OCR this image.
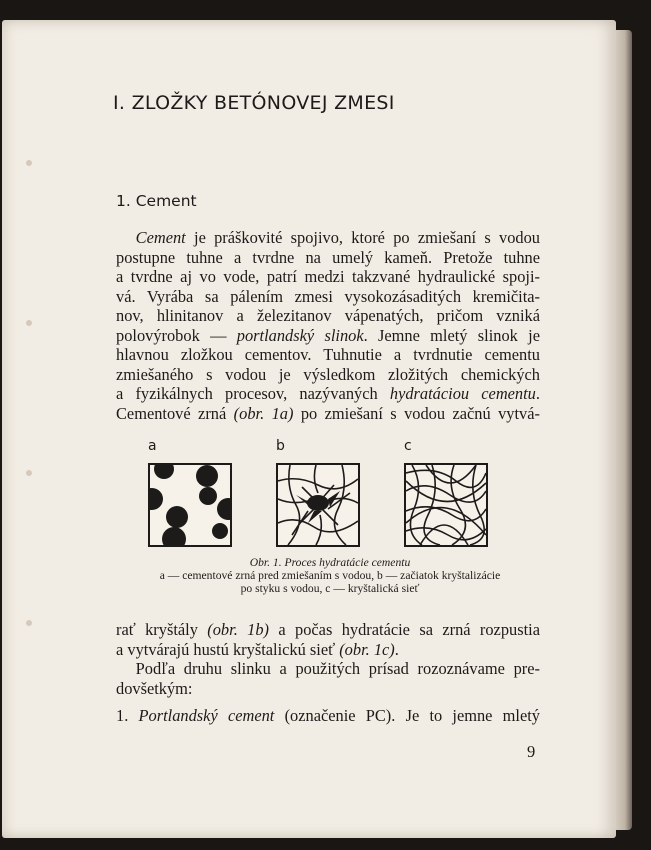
I. ZLOŽKY BETÓNOVEJ ZMESI
1. Cement
Cement je práškovité spojivo, ktoré po zmiešaní s vodou
postupne tuhne a tvrdne na umelý kameň. Pretože tuhne
a tvrdne aj vo vode, patrí medzi takzvané hydraulické spoji-
vá. Vyrába sa pálením zmesi vysokozásaditých kremičita-
nov, hlinitanov a železitanov vápenatých, pričom vzniká
polovýrobok — portlandský slinok. Jemne mletý slinok je
hlavnou zložkou cementov. Tuhnutie a tvrdnutie cementu
zmiešaného s vodou je výsledkom zložitých chemických
a fyzikálnych procesov, nazývaných hydratáciou cementu.
Cementové zrná (obr. 1a) po zmiešaní s vodou začnú vytvá-
a	b	c
Obr. 1. Proces hydratácie cementu
a — cementové zrná pred zmiešaním s vodou, b — začiatok kryštalizácie
po styku s vodou, c — kryštalická sieť
rať kryštály (obr. 1b) a počas hydratácie sa zrná rozpustia
a vytvárajú hustú kryštalickú sieť (obr. 1c).
Podľa druhu slinku a použitých prísad rozoznávame pre-
dovšetkým:
1. Portlandský cement (označenie PC). Je to jemne mletý
9
